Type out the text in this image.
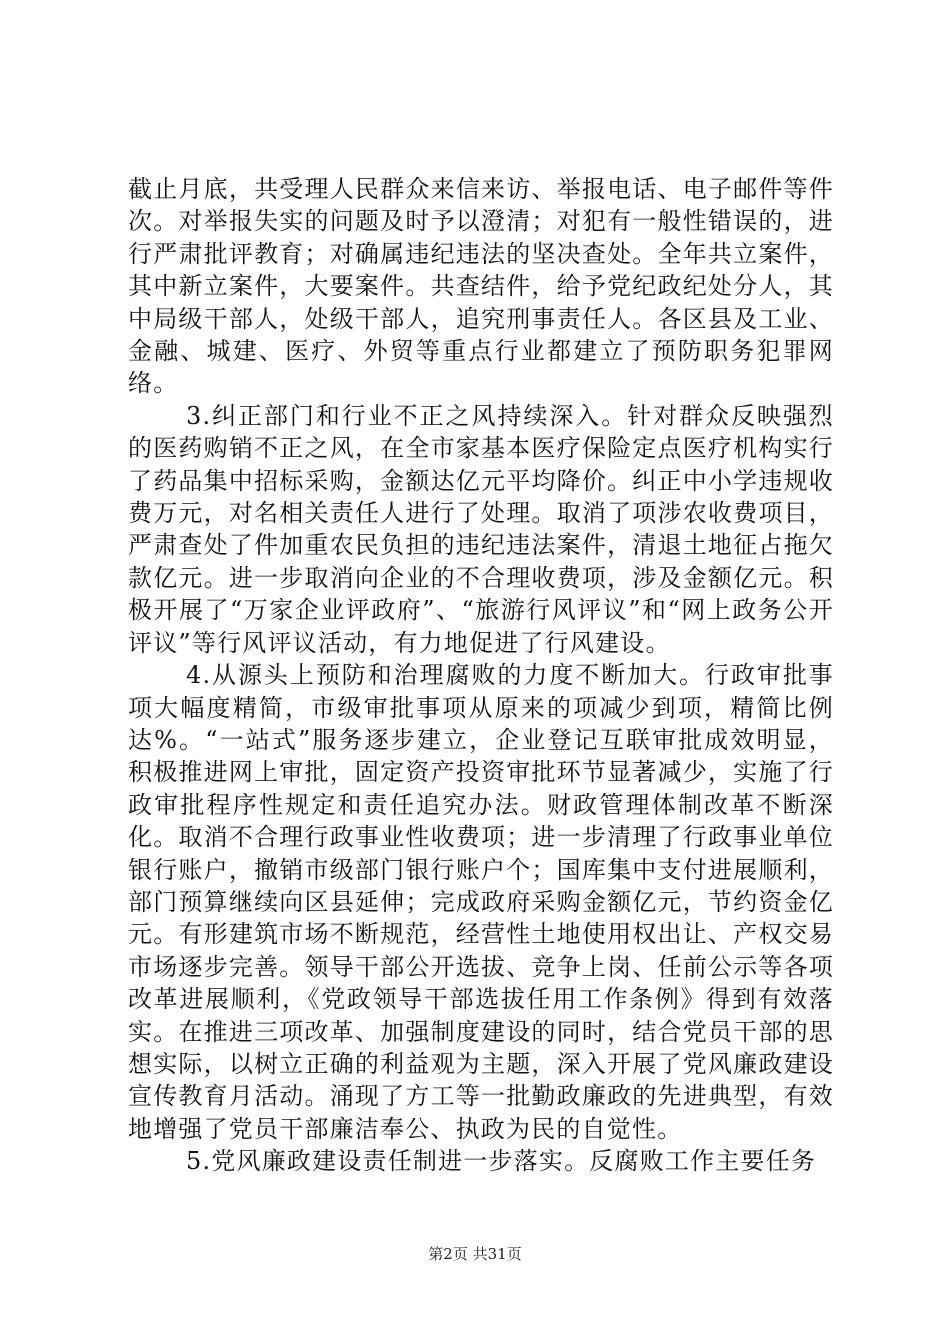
截止月底，共受理人民群众来信来访、举报电话、电子邮件等件次。对举报失实的问题及时予以澄清；对犯有一般性错误的，进行严肃批评教育；对确属违纪违法的坚决查处。全年共立案件，其中新立案件，大要案件。共查结件，给予党纪政纪处分人，其中局级干部人，处级干部人，追究刑事责任人。各区县及工业、金融、城建、医疗、外贸等重点行业都建立了预防职务犯罪网络。

3.纠正部门和行业不正之风持续深入。针对群众反映强烈的医药购销不正之风，在全市家基本医疗保险定点医疗机构实行了药品集中招标采购，金额达亿元平均降价。纠正中小学违规收费万元，对名相关责任人进行了处理。取消了项涉农收费项目，严肃查处了件加重农民负担的违纪违法案件，清退土地征占拖欠款亿元。进一步取消向企业的不合理收费项，涉及金额亿元。积极开展了“万家企业评政府”、“旅游行风评议”和“网上政务公开评议”等行风评议活动，有力地促进了行风建设。

4.从源头上预防和治理腐败的力度不断加大。行政审批事项大幅度精简，市级审批事项从原来的项减少到项，精简比例达%。“一站式”服务逐步建立，企业登记互联审批成效明显，积极推进网上审批，固定资产投资审批环节显著减少，实施了行政审批程序性规定和责任追究办法。财政管理体制改革不断深化。取消不合理行政事业性收费项；进一步清理了行政事业单位银行账户，撤销市级部门银行账户个；国库集中支付进展顺利，部门预算继续向区县延伸；完成政府采购金额亿元，节约资金亿元。有形建筑市场不断规范，经营性土地使用权出让、产权交易市场逐步完善。领导干部公开选拔、竞争上岗、任前公示等各项改革进展顺利，《党政领导干部选拔任用工作条例》得到有效落实。在推进三项改革、加强制度建设的同时，结合党员干部的思想实际，以树立正确的利益观为主题，深入开展了党风廉政建设宣传教育月活动。涌现了方工等一批勤政廉政的先进典型，有效地增强了党员干部廉洁奉公、执政为民的自觉性。

5.党风廉政建设责任制进一步落实。反腐败工作主要任务

第2页 共31页
